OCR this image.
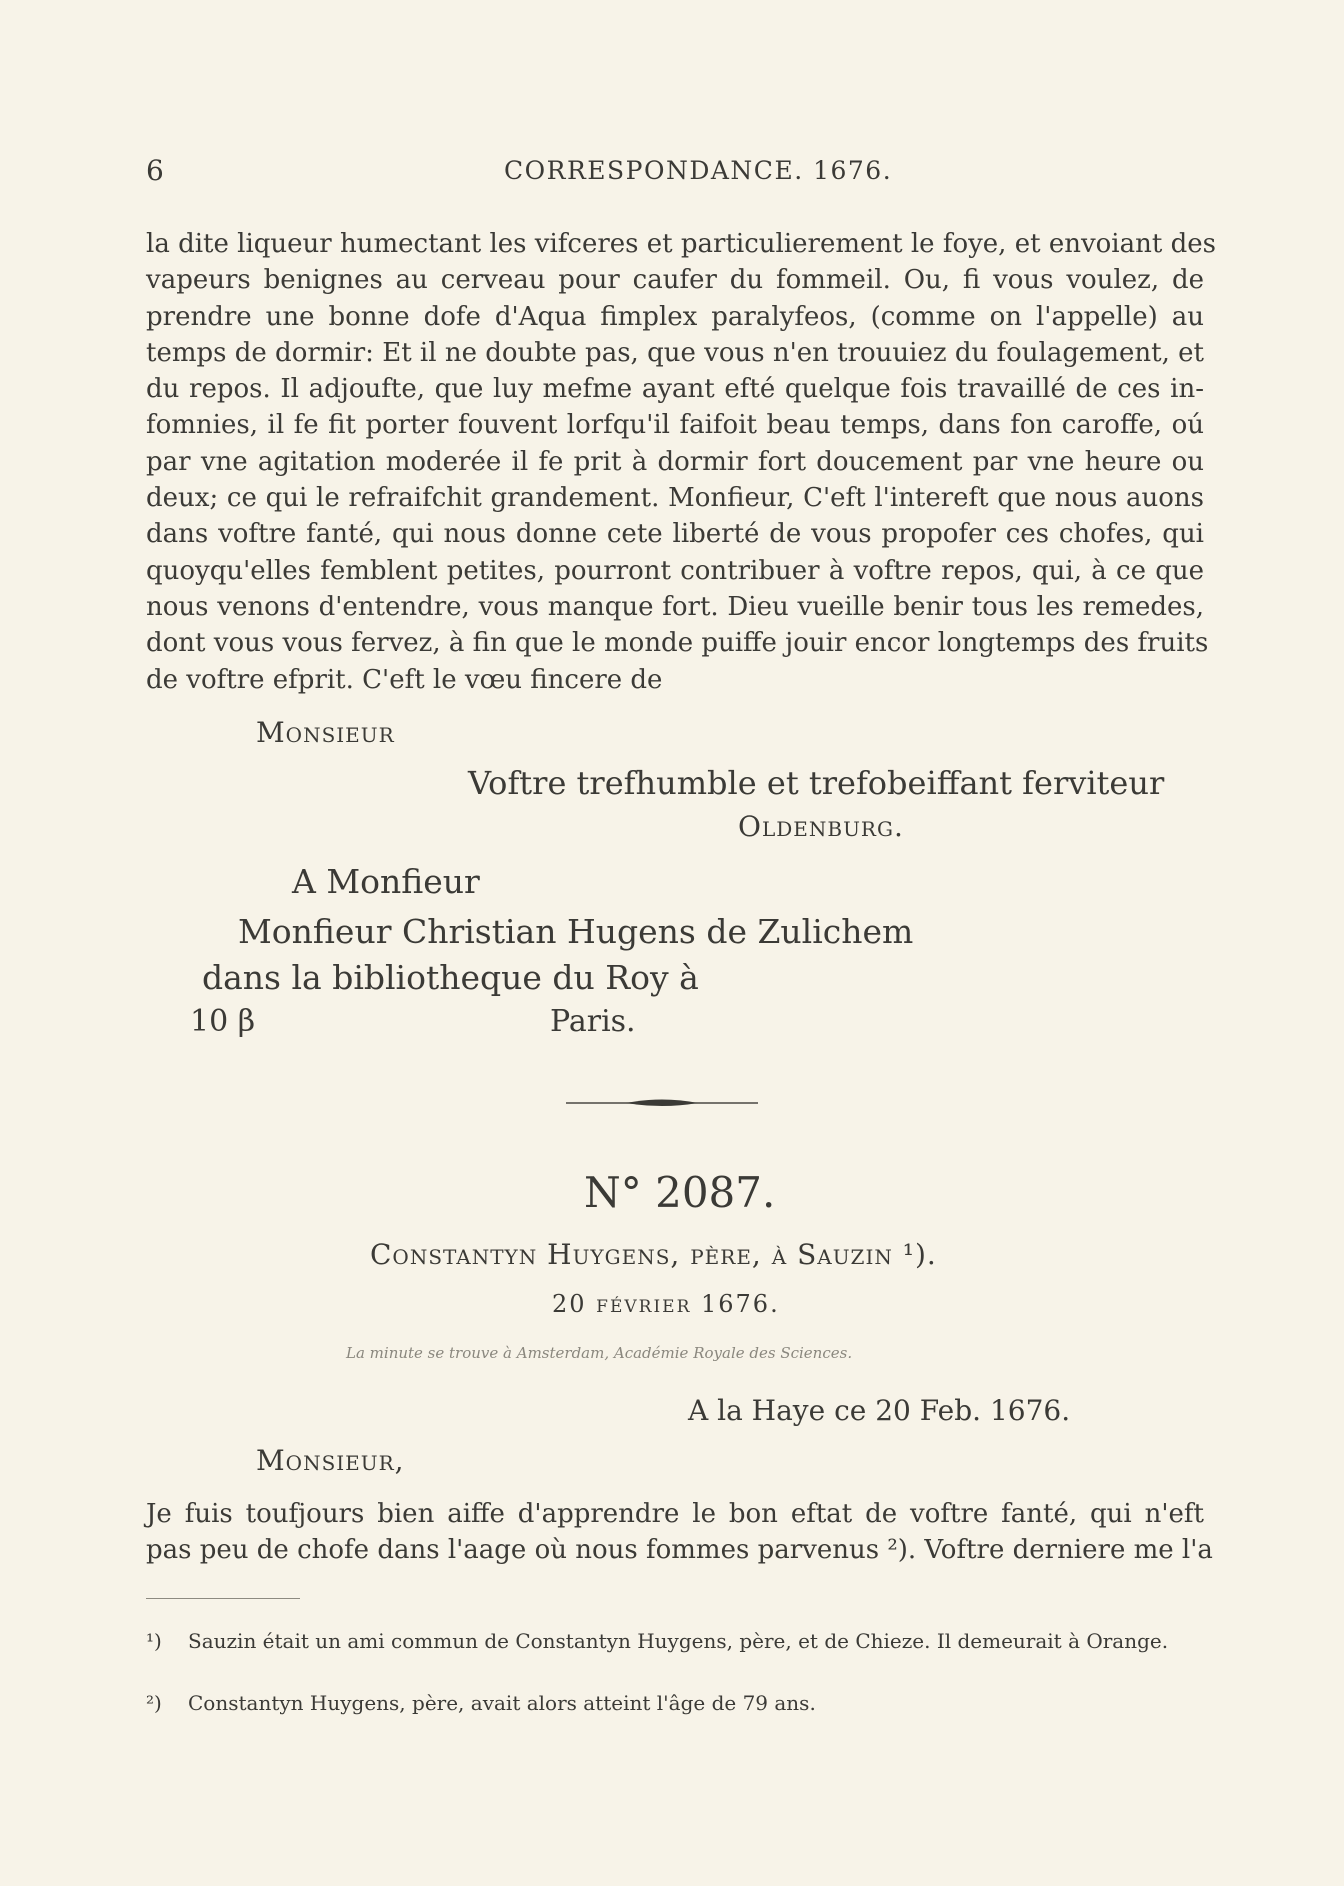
6	CORRESPONDANCE. 1676.
la dite liqueur humectant les vifceres et particulierement le foye, et envoiant des
vapeurs benignes au cerveau pour caufer du fommeil. Ou, fi vous voulez, de
prendre une bonne dofe d'Aqua fimplex paralyfeos, (comme on l'appelle) au
temps de dormir: Et il ne doubte pas, que vous n'en trouuiez du foulagement, et
du repos. Il adjoufte, que luy mefme ayant efté quelque fois travaillé de ces in-
fomnies, il fe fit porter fouvent lorfqu'il faifoit beau temps, dans fon caroffe, oú
par vne agitation moderée il fe prit à dormir fort doucement par vne heure ou
deux; ce qui le refraifchit grandement. Monfieur, C'eft l'intereft que nous auons
dans voftre fanté, qui nous donne cete liberté de vous propofer ces chofes, qui
quoyqu'elles femblent petites, pourront contribuer à voftre repos, qui, à ce que
nous venons d'entendre, vous manque fort. Dieu vueille benir tous les remedes,
dont vous vous fervez, à fin que le monde puiffe jouir encor longtemps des fruits
de voftre efprit. C'eft le vœu fincere de
Monsieur
Voftre trefhumble et trefobeiffant ferviteur
Oldenburg.
A Monfieur
Monfieur Christian Hugens de Zulichem
dans la bibliotheque du Roy à
10 β	Paris.
N° 2087.
Constantyn Huygens, père, à Sauzin ¹).
20 février 1676.
La minute se trouve à Amsterdam, Académie Royale des Sciences.
A la Haye ce 20 Feb. 1676.
Monsieur,
Je fuis toufjours bien aiffe d'apprendre le bon eftat de voftre fanté, qui n'eft
pas peu de chofe dans l'aage où nous fommes parvenus ²). Voftre derniere me l'a
¹) Sauzin était un ami commun de Constantyn Huygens, père, et de Chieze. Il demeurait à Orange.
²) Constantyn Huygens, père, avait alors atteint l'âge de 79 ans.
